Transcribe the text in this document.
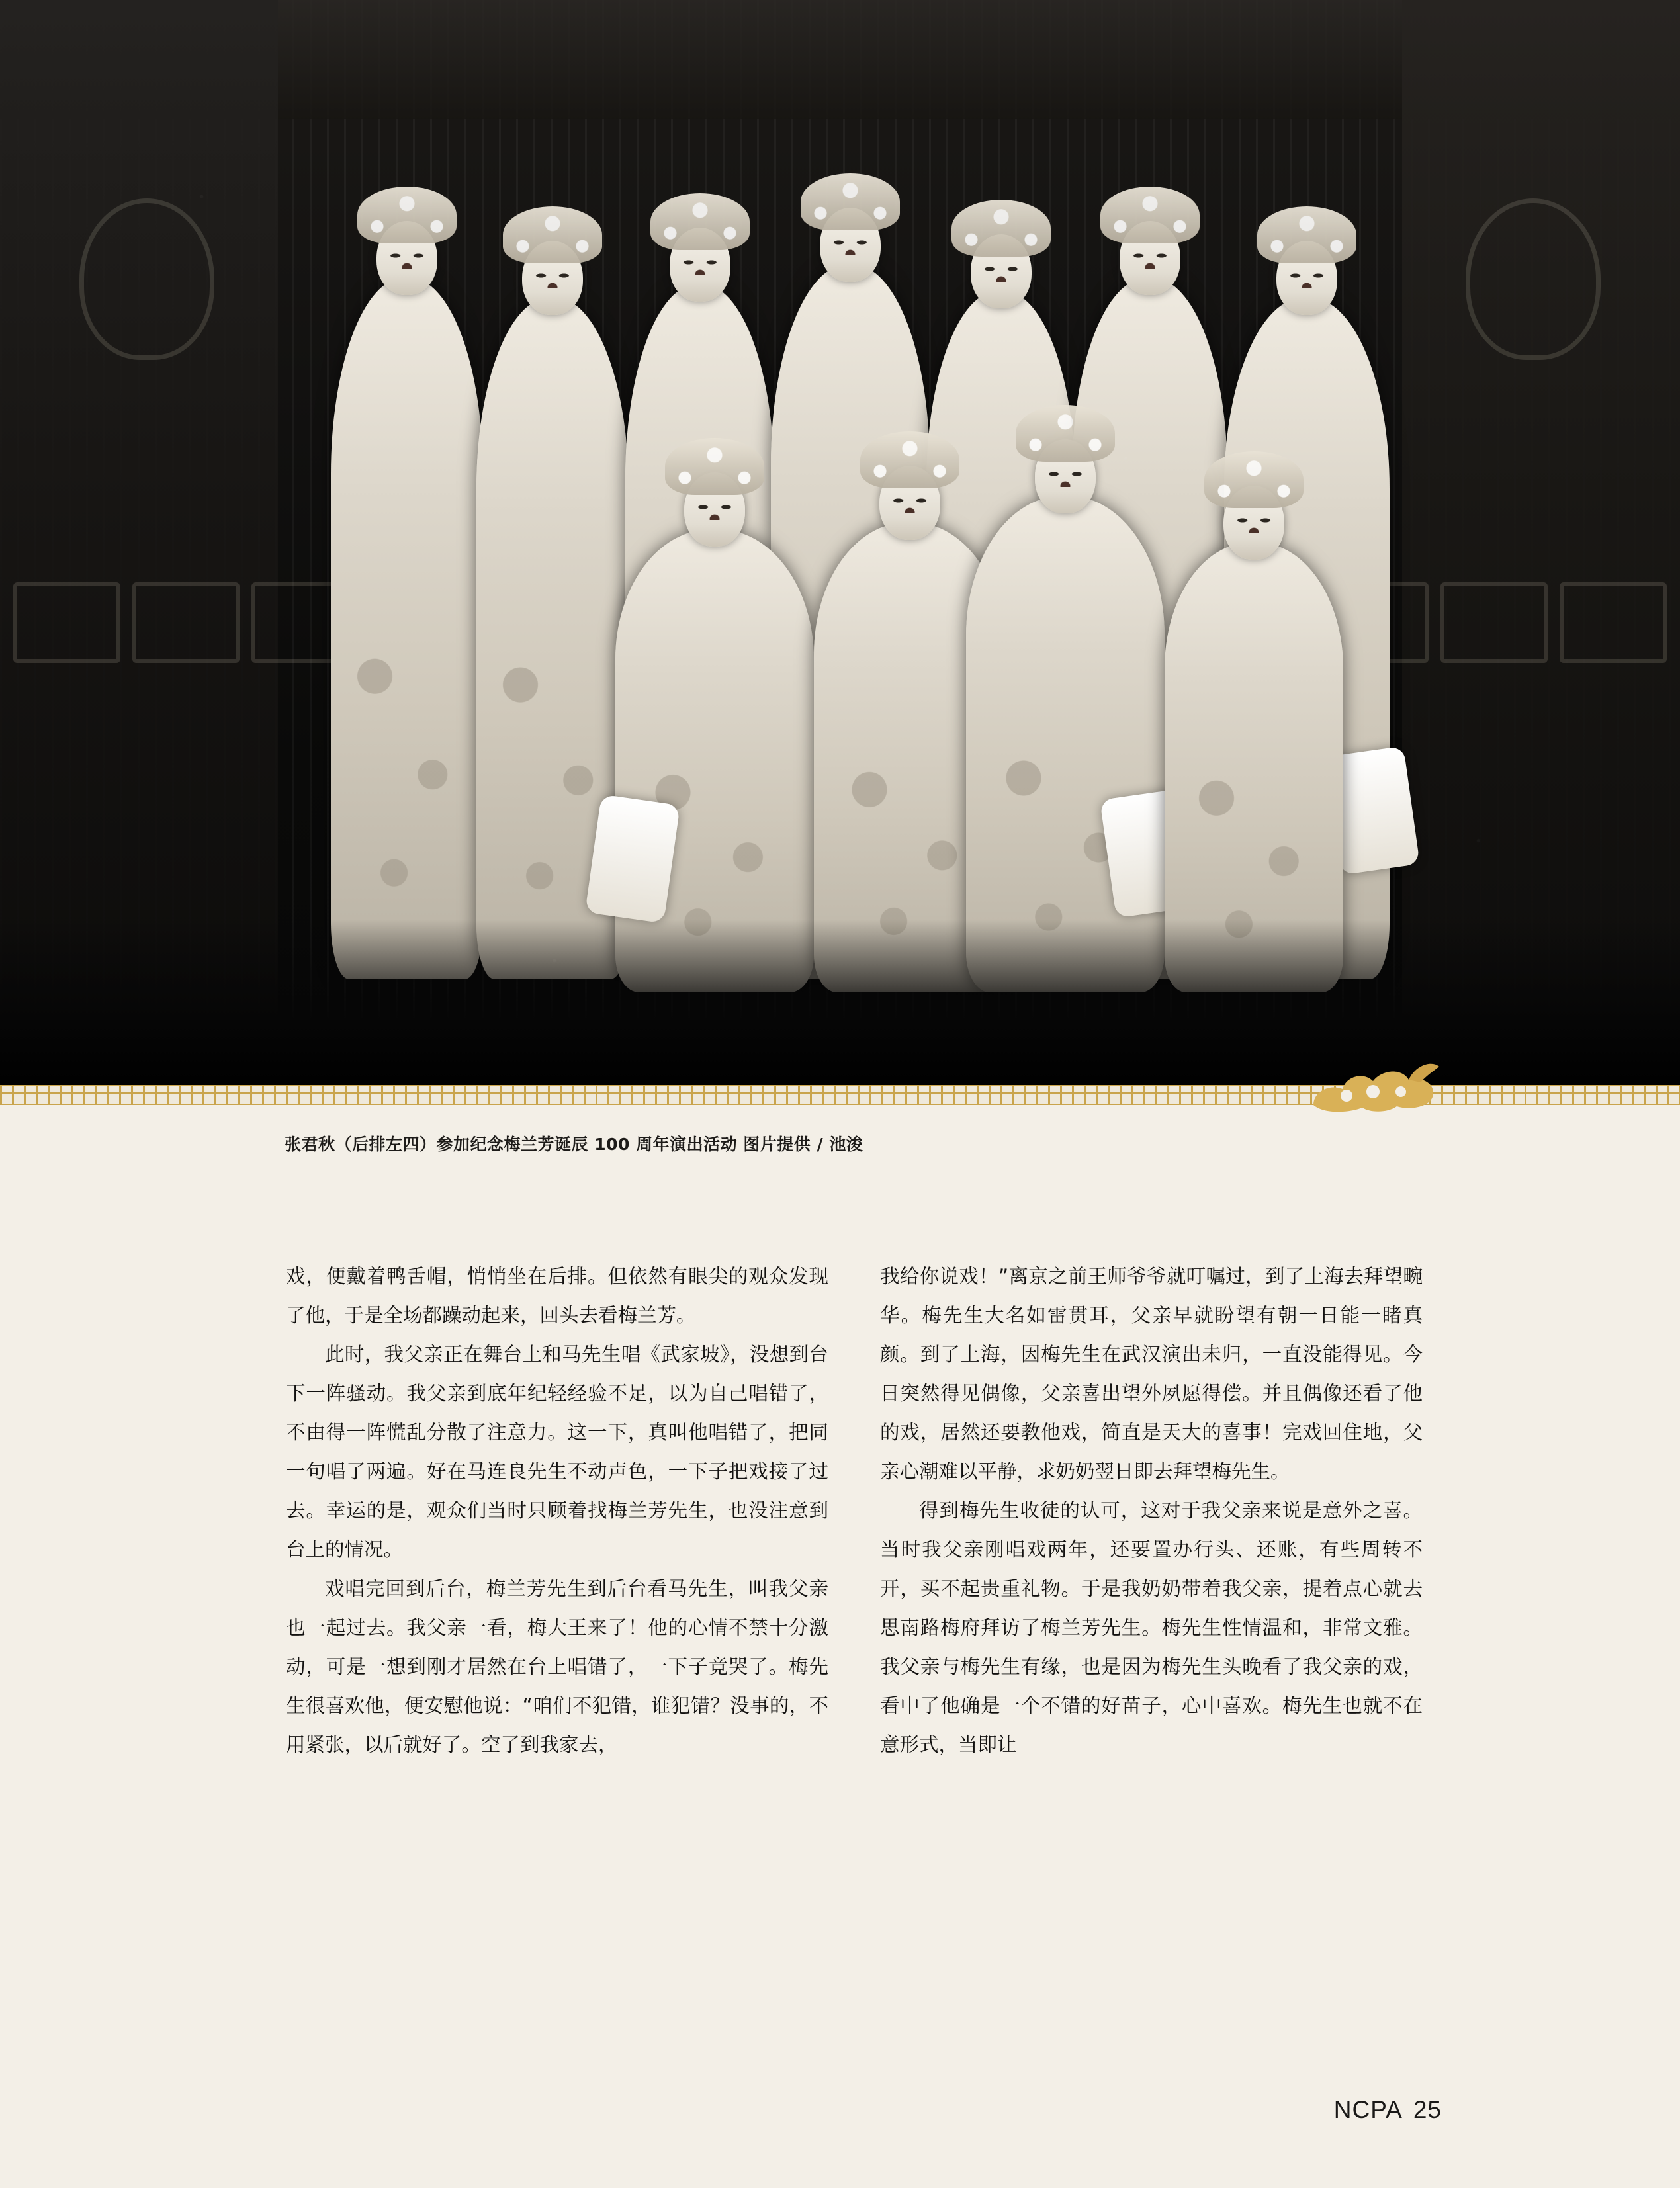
张君秋（后排左四）参加纪念梅兰芳诞辰 100 周年演出活动 图片提供 / 池浚

戏，便戴着鸭舌帽，悄悄坐在后排。但依然有眼尖的观众发现了他，于是全场都躁动起来，回头去看梅兰芳。

此时，我父亲正在舞台上和马先生唱《武家坡》，没想到台下一阵骚动。我父亲到底年纪轻经验不足，以为自己唱错了，不由得一阵慌乱分散了注意力。这一下，真叫他唱错了，把同一句唱了两遍。好在马连良先生不动声色，一下子把戏接了过去。幸运的是，观众们当时只顾着找梅兰芳先生，也没注意到台上的情况。

戏唱完回到后台，梅兰芳先生到后台看马先生，叫我父亲也一起过去。我父亲一看，梅大王来了！他的心情不禁十分激动，可是一想到刚才居然在台上唱错了，一下子竟哭了。梅先生很喜欢他，便安慰他说：“咱们不犯错，谁犯错？没事的，不用紧张，以后就好了。空了到我家去，

我给你说戏！”离京之前王师爷爷就叮嘱过，到了上海去拜望畹华。梅先生大名如雷贯耳，父亲早就盼望有朝一日能一睹真颜。到了上海，因梅先生在武汉演出未归，一直没能得见。今日突然得见偶像，父亲喜出望外夙愿得偿。并且偶像还看了他的戏，居然还要教他戏，简直是天大的喜事！完戏回住地，父亲心潮难以平静，求奶奶翌日即去拜望梅先生。

得到梅先生收徒的认可，这对于我父亲来说是意外之喜。当时我父亲刚唱戏两年，还要置办行头、还账，有些周转不开，买不起贵重礼物。于是我奶奶带着我父亲，提着点心就去思南路梅府拜访了梅兰芳先生。梅先生性情温和，非常文雅。我父亲与梅先生有缘，也是因为梅先生头晚看了我父亲的戏，看中了他确是一个不错的好苗子，心中喜欢。梅先生也就不在意形式，当即让

NCPA 25
